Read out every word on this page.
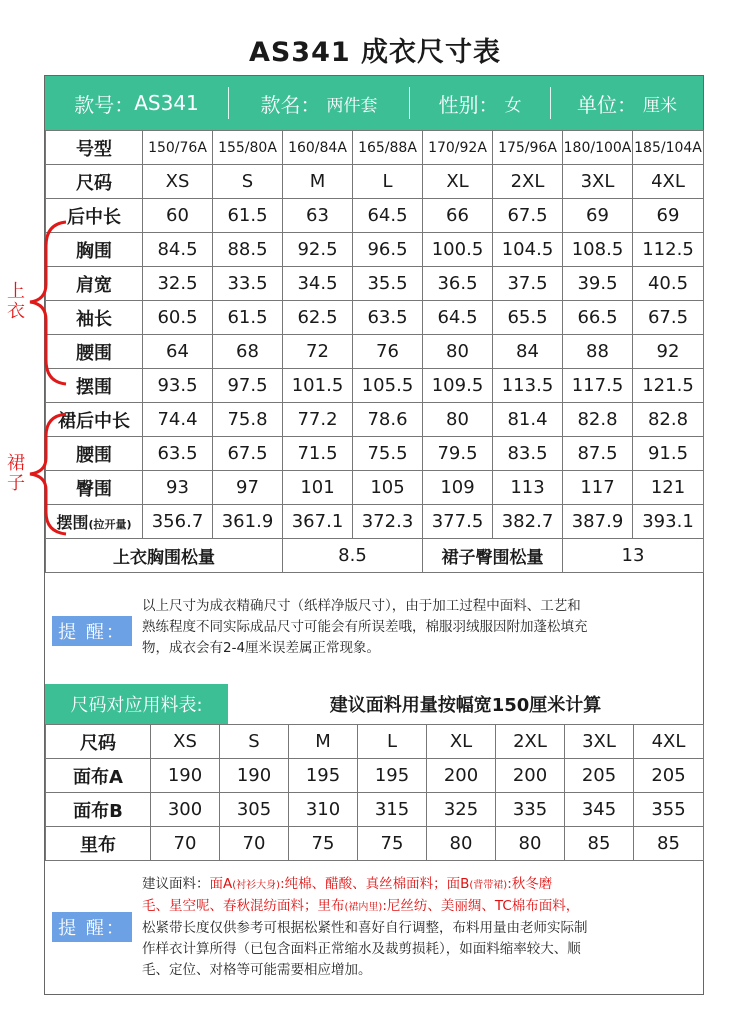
AS341 成衣尺寸表
款号： AS341	款名： 两件套	性别： 女	单位： 厘米
号型	150/76A	155/80A	160/84A	165/88A	170/92A	175/96A	180/100A	185/104A
尺码	XS	S	M	L	XL	2XL	3XL	4XL
后中长	60	61.5	63	64.5	66	67.5	69	69
胸围	84.5	88.5	92.5	96.5	100.5	104.5	108.5	112.5
肩宽	32.5	33.5	34.5	35.5	36.5	37.5	39.5	40.5
袖长	60.5	61.5	62.5	63.5	64.5	65.5	66.5	67.5
腰围	64	68	72	76	80	84	88	92
摆围	93.5	97.5	101.5	105.5	109.5	113.5	117.5	121.5
裙后中长	74.4	75.8	77.2	78.6	80	81.4	82.8	82.8
腰围	63.5	67.5	71.5	75.5	79.5	83.5	87.5	91.5
臀围	93	97	101	105	109	113	117	121
摆围(拉开量)	356.7	361.9	367.1	372.3	377.5	382.7	387.9	393.1
上衣胸围松量			8.5		裙子臀围松量		13	
上
衣
裙
子
提 醒：
以上尺寸为成衣精确尺寸（纸样净版尺寸），由于加工过程中面料、工艺和
熟练程度不同实际成品尺寸可能会有所误差哦，棉服羽绒服因附加蓬松填充
物，成衣会有2-4厘米误差属正常现象。
尺码对应用料表:	建议面料用量按幅宽150厘米计算
尺码	XS	S	M	L	XL	2XL	3XL	4XL
面布A	190	190	195	195	200	200	205	205
面布B	300	305	310	315	325	335	345	355
里布	70	70	75	75	80	80	85	85
提 醒：
建议面料：面A(衬衫大身):纯棉、醋酸、真丝棉面料；面B(背带裙):秋冬磨
毛、星空呢、春秋混纺面料；里布(裙内里):尼丝纺、美丽绸、TC棉布面料，
松紧带长度仅供参考可根据松紧性和喜好自行调整，布料用量由老师实际制
作样衣计算所得（已包含面料正常缩水及裁剪损耗），如面料缩率较大、顺
毛、定位、对格等可能需要相应增加。
